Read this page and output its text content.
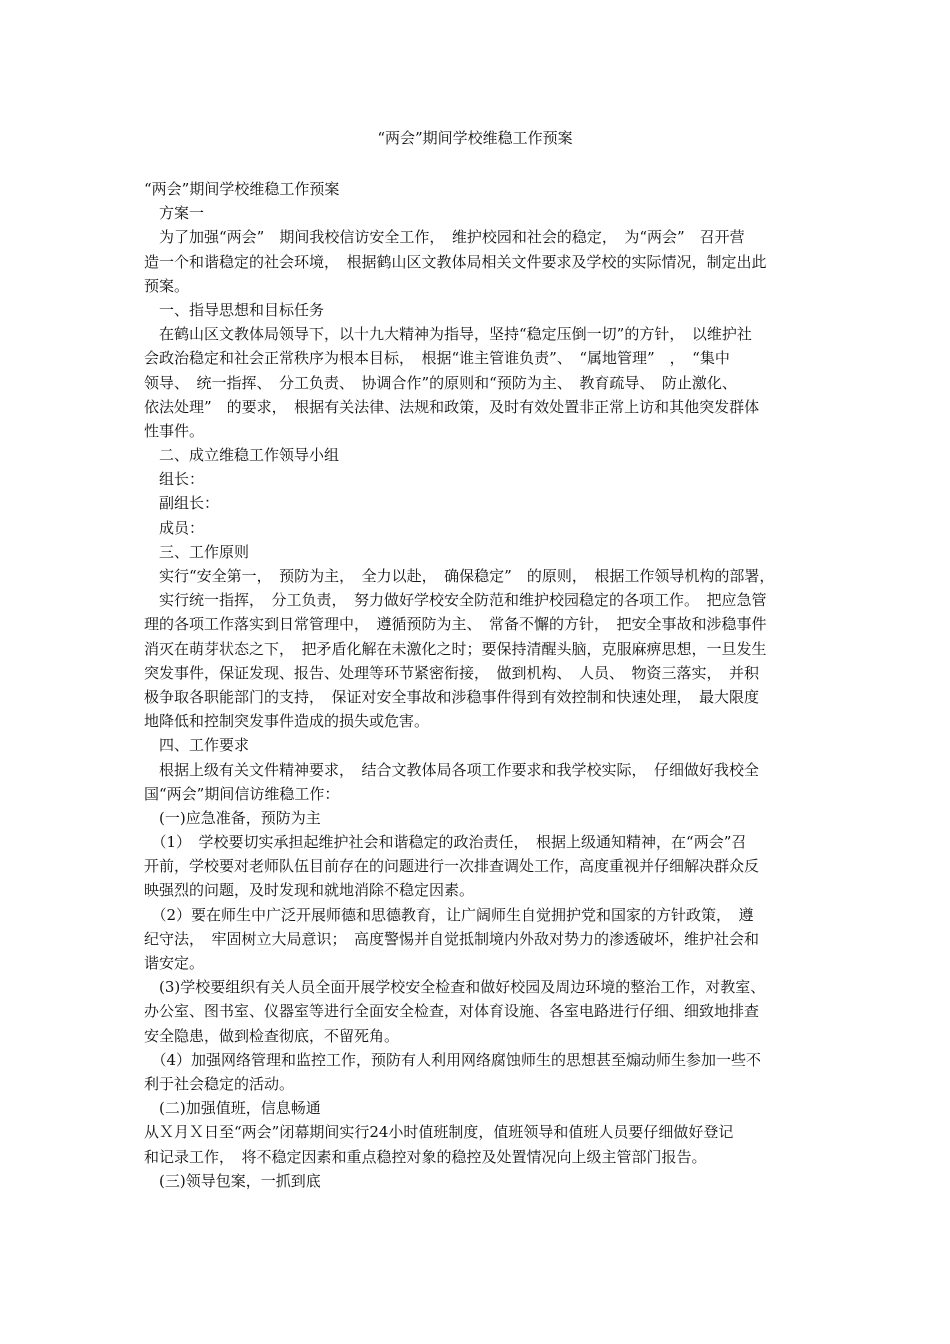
“两会”期间学校维稳工作预案
“两会”期间学校维稳工作预案
　方案一
　为了加强“两会”　期间我校信访安全工作，　维护校园和社会的稳定，　为“两会”　召开营
造一个和谐稳定的社会环境，　根据鹤山区文教体局相关文件要求及学校的实际情况，制定出此
预案。
　一、指导思想和目标任务
　在鹤山区文教体局领导下，以十九大精神为指导，坚持“稳定压倒一切”的方针，　以维护社
会政治稳定和社会正常秩序为根本目标，　根据“谁主管谁负责”、　“属地管理”　，　“集中
领导、　统一指挥、　分工负责、　协调合作”的原则和“预防为主、　教育疏导、　防止激化、
依法处理”　的要求，　根据有关法律、法规和政策，及时有效处置非正常上访和其他突发群体
性事件。
　二、成立维稳工作领导小组
　组长：
　副组长：
　成员：
　三、工作原则
　实行“安全第一，　预防为主，　全力以赴，　确保稳定”　的原则，　根据工作领导机构的部署，
　实行统一指挥，　分工负责，　努力做好学校安全防范和维护校园稳定的各项工作。　把应急管
理的各项工作落实到日常管理中，　遵循预防为主、　常备不懈的方针，　把安全事故和涉稳事件
消灭在萌芽状态之下，　把矛盾化解在未激化之时；要保持清醒头脑，克服麻痹思想，一旦发生
突发事件，保证发现、报告、处理等环节紧密衔接，　做到机构、　人员、　物资三落实，　并积
极争取各职能部门的支持，　保证对安全事故和涉稳事件得到有效控制和快速处理，　最大限度
地降低和控制突发事件造成的损失或危害。
　四、工作要求
　根据上级有关文件精神要求，　结合文教体局各项工作要求和我学校实际，　仔细做好我校全
国“两会”期间信访维稳工作：
　(一)应急准备，预防为主
　（1）　学校要切实承担起维护社会和谐稳定的政治责任，　根据上级通知精神，在“两会”召
开前，学校要对老师队伍目前存在的问题进行一次排查调处工作，高度重视并仔细解决群众反
映强烈的问题，及时发现和就地消除不稳定因素。
　（2）要在师生中广泛开展师德和思德教育，让广阔师生自觉拥护党和国家的方针政策，　遵
纪守法，　牢固树立大局意识；　高度警惕并自觉抵制境内外敌对势力的渗透破坏，维护社会和
谐安定。
　(3)学校要组织有关人员全面开展学校安全检查和做好校园及周边环境的整治工作，对教室、
办公室、图书室、仪器室等进行全面安全检查，对体育设施、各室电路进行仔细、细致地排查
安全隐患，做到检查彻底，不留死角。
　（4）加强网络管理和监控工作，预防有人利用网络腐蚀师生的思想甚至煽动师生参加一些不
利于社会稳定的活动。
　(二)加强值班，信息畅通
从Ｘ月Ｘ日至“两会”闭幕期间实行24小时值班制度，值班领导和值班人员要仔细做好登记
和记录工作，　将不稳定因素和重点稳控对象的稳控及处置情况向上级主管部门报告。
　(三)领导包案，一抓到底
